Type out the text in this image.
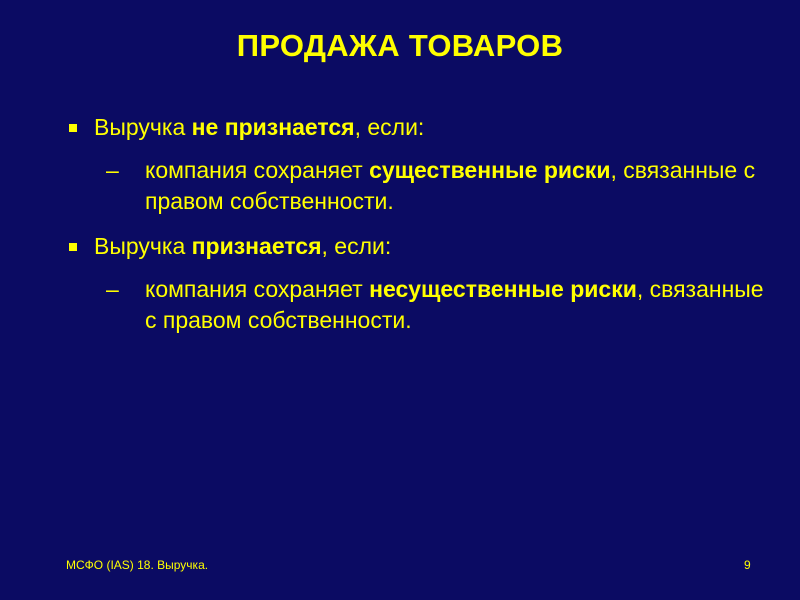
ПРОДАЖА ТОВАРОВ
Выручка не признается, если:
– компания сохраняет существенные риски, связанные с правом собственности.
Выручка признается, если:
– компания сохраняет несущественные риски, связанные с правом собственности.
МСФО (IAS) 18. Выручка.	9
